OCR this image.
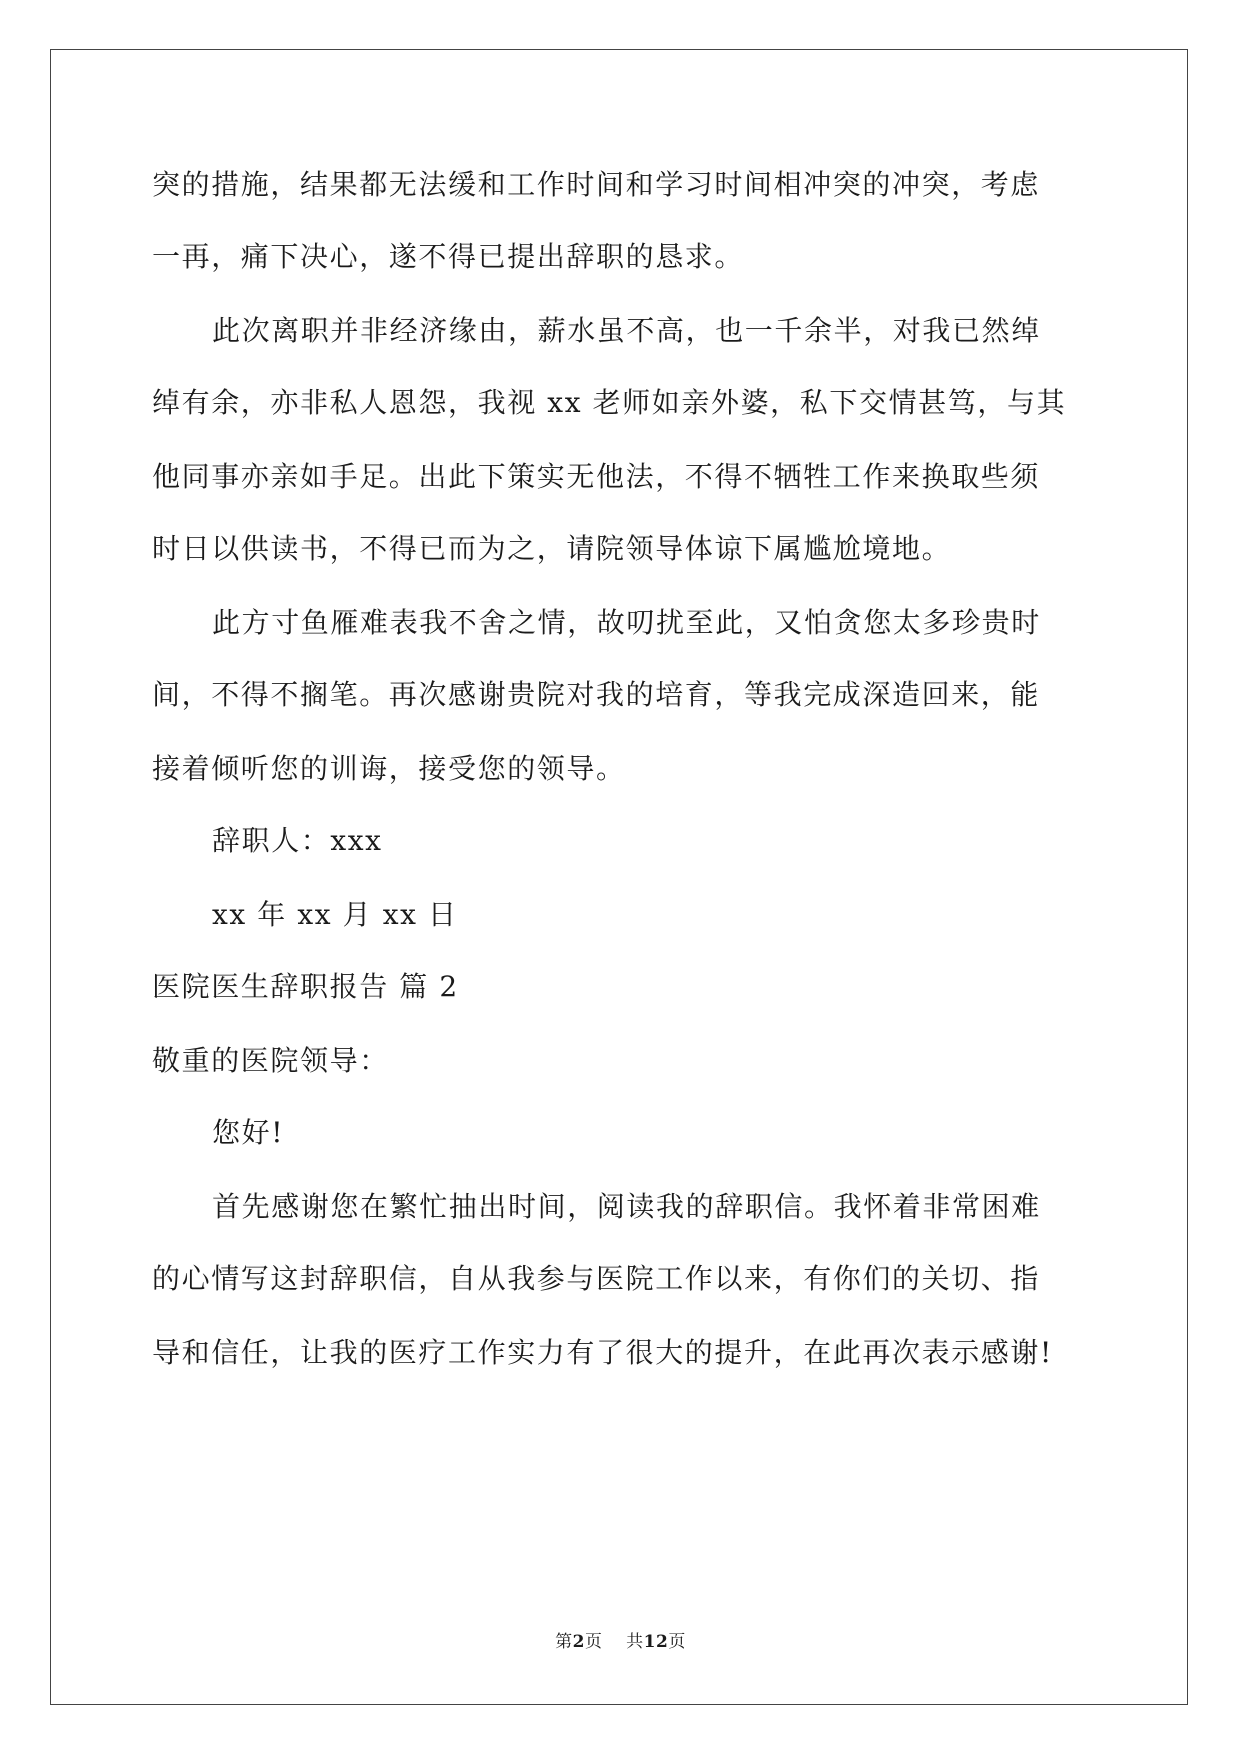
突的措施，结果都无法缓和工作时间和学习时间相冲突的冲突，考虑
一再，痛下决心，遂不得已提出辞职的恳求。
此次离职并非经济缘由，薪水虽不高，也一千余半，对我已然绰
绰有余，亦非私人恩怨，我视 xx 老师如亲外婆，私下交情甚笃，与其
他同事亦亲如手足。出此下策实无他法，不得不牺牲工作来换取些须
时日以供读书，不得已而为之，请院领导体谅下属尴尬境地。
此方寸鱼雁难表我不舍之情，故叨扰至此，又怕贪您太多珍贵时
间，不得不搁笔。再次感谢贵院对我的培育，等我完成深造回来，能
接着倾听您的训诲，接受您的领导。
辞职人：xxx
xx 年 xx 月 xx 日
医院医生辞职报告 篇 2
敬重的医院领导：
您好!
首先感谢您在繁忙抽出时间，阅读我的辞职信。我怀着非常困难
的心情写这封辞职信，自从我参与医院工作以来，有你们的关切、指
导和信任，让我的医疗工作实力有了很大的提升，在此再次表示感谢!
第2页 共12页
